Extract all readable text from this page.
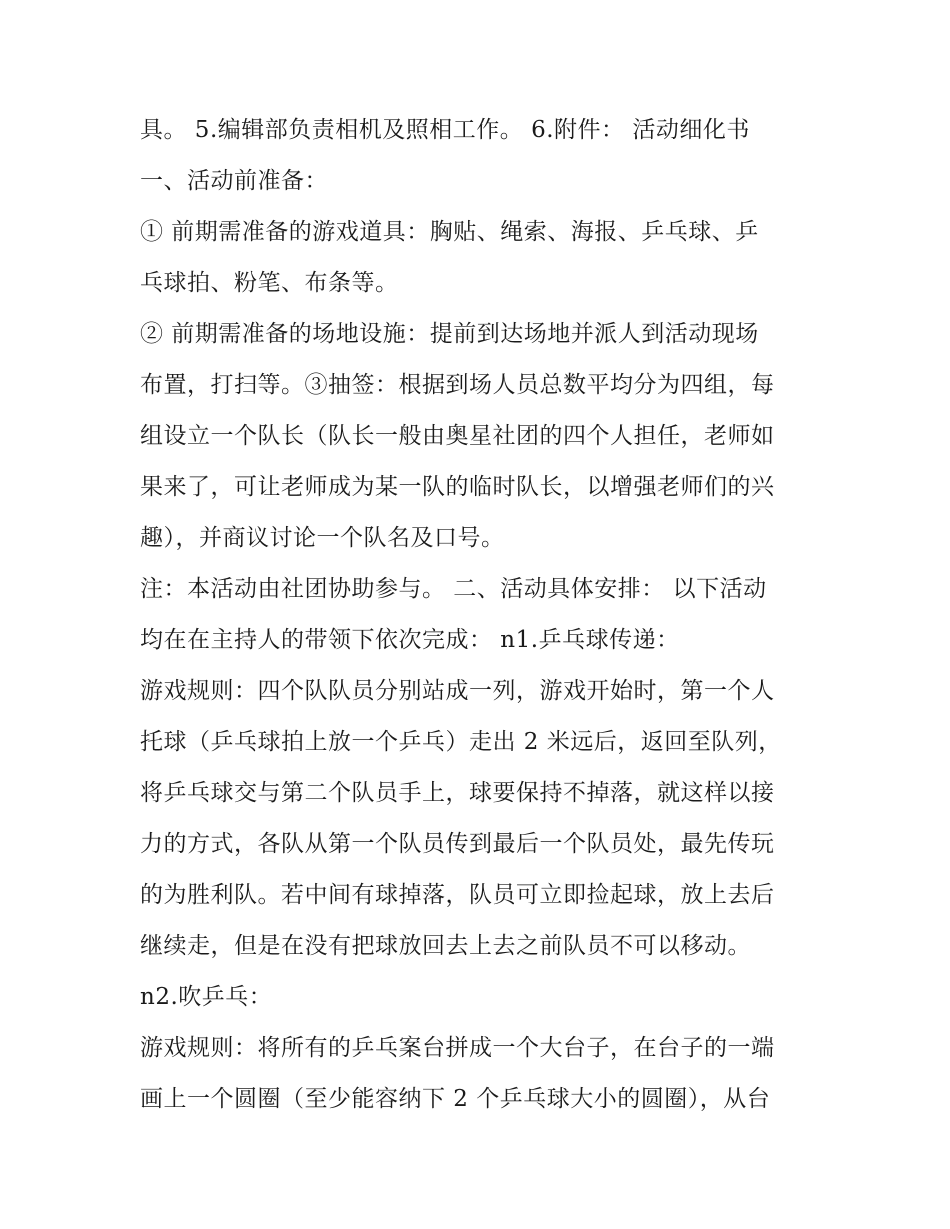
具。 5.编辑部负责相机及照相工作。 6.附件： 活动细化书
一、活动前准备：
① 前期需准备的游戏道具：胸贴、绳索、海报、乒乓球、乒
乓球拍、粉笔、布条等。
② 前期需准备的场地设施：提前到达场地并派人到活动现场
布置，打扫等。③抽签：根据到场人员总数平均分为四组，每
组设立一个队长（队长一般由奥星社团的四个人担任，老师如
果来了，可让老师成为某一队的临时队长，以增强老师们的兴
趣），并商议讨论一个队名及口号。
注：本活动由社团协助参与。 二、活动具体安排： 以下活动
均在在主持人的带领下依次完成： n1.乒乓球传递：
游戏规则：四个队队员分别站成一列，游戏开始时，第一个人
托球（乒乓球拍上放一个乒乓）走出 2 米远后，返回至队列，
将乒乓球交与第二个队员手上，球要保持不掉落，就这样以接
力的方式，各队从第一个队员传到最后一个队员处，最先传玩
的为胜利队。若中间有球掉落，队员可立即捡起球，放上去后
继续走，但是在没有把球放回去上去之前队员不可以移动。
n2.吹乒乓：
游戏规则：将所有的乒乓案台拼成一个大台子，在台子的一端
画上一个圆圈（至少能容纳下 2 个乒乓球大小的圆圈），从台
